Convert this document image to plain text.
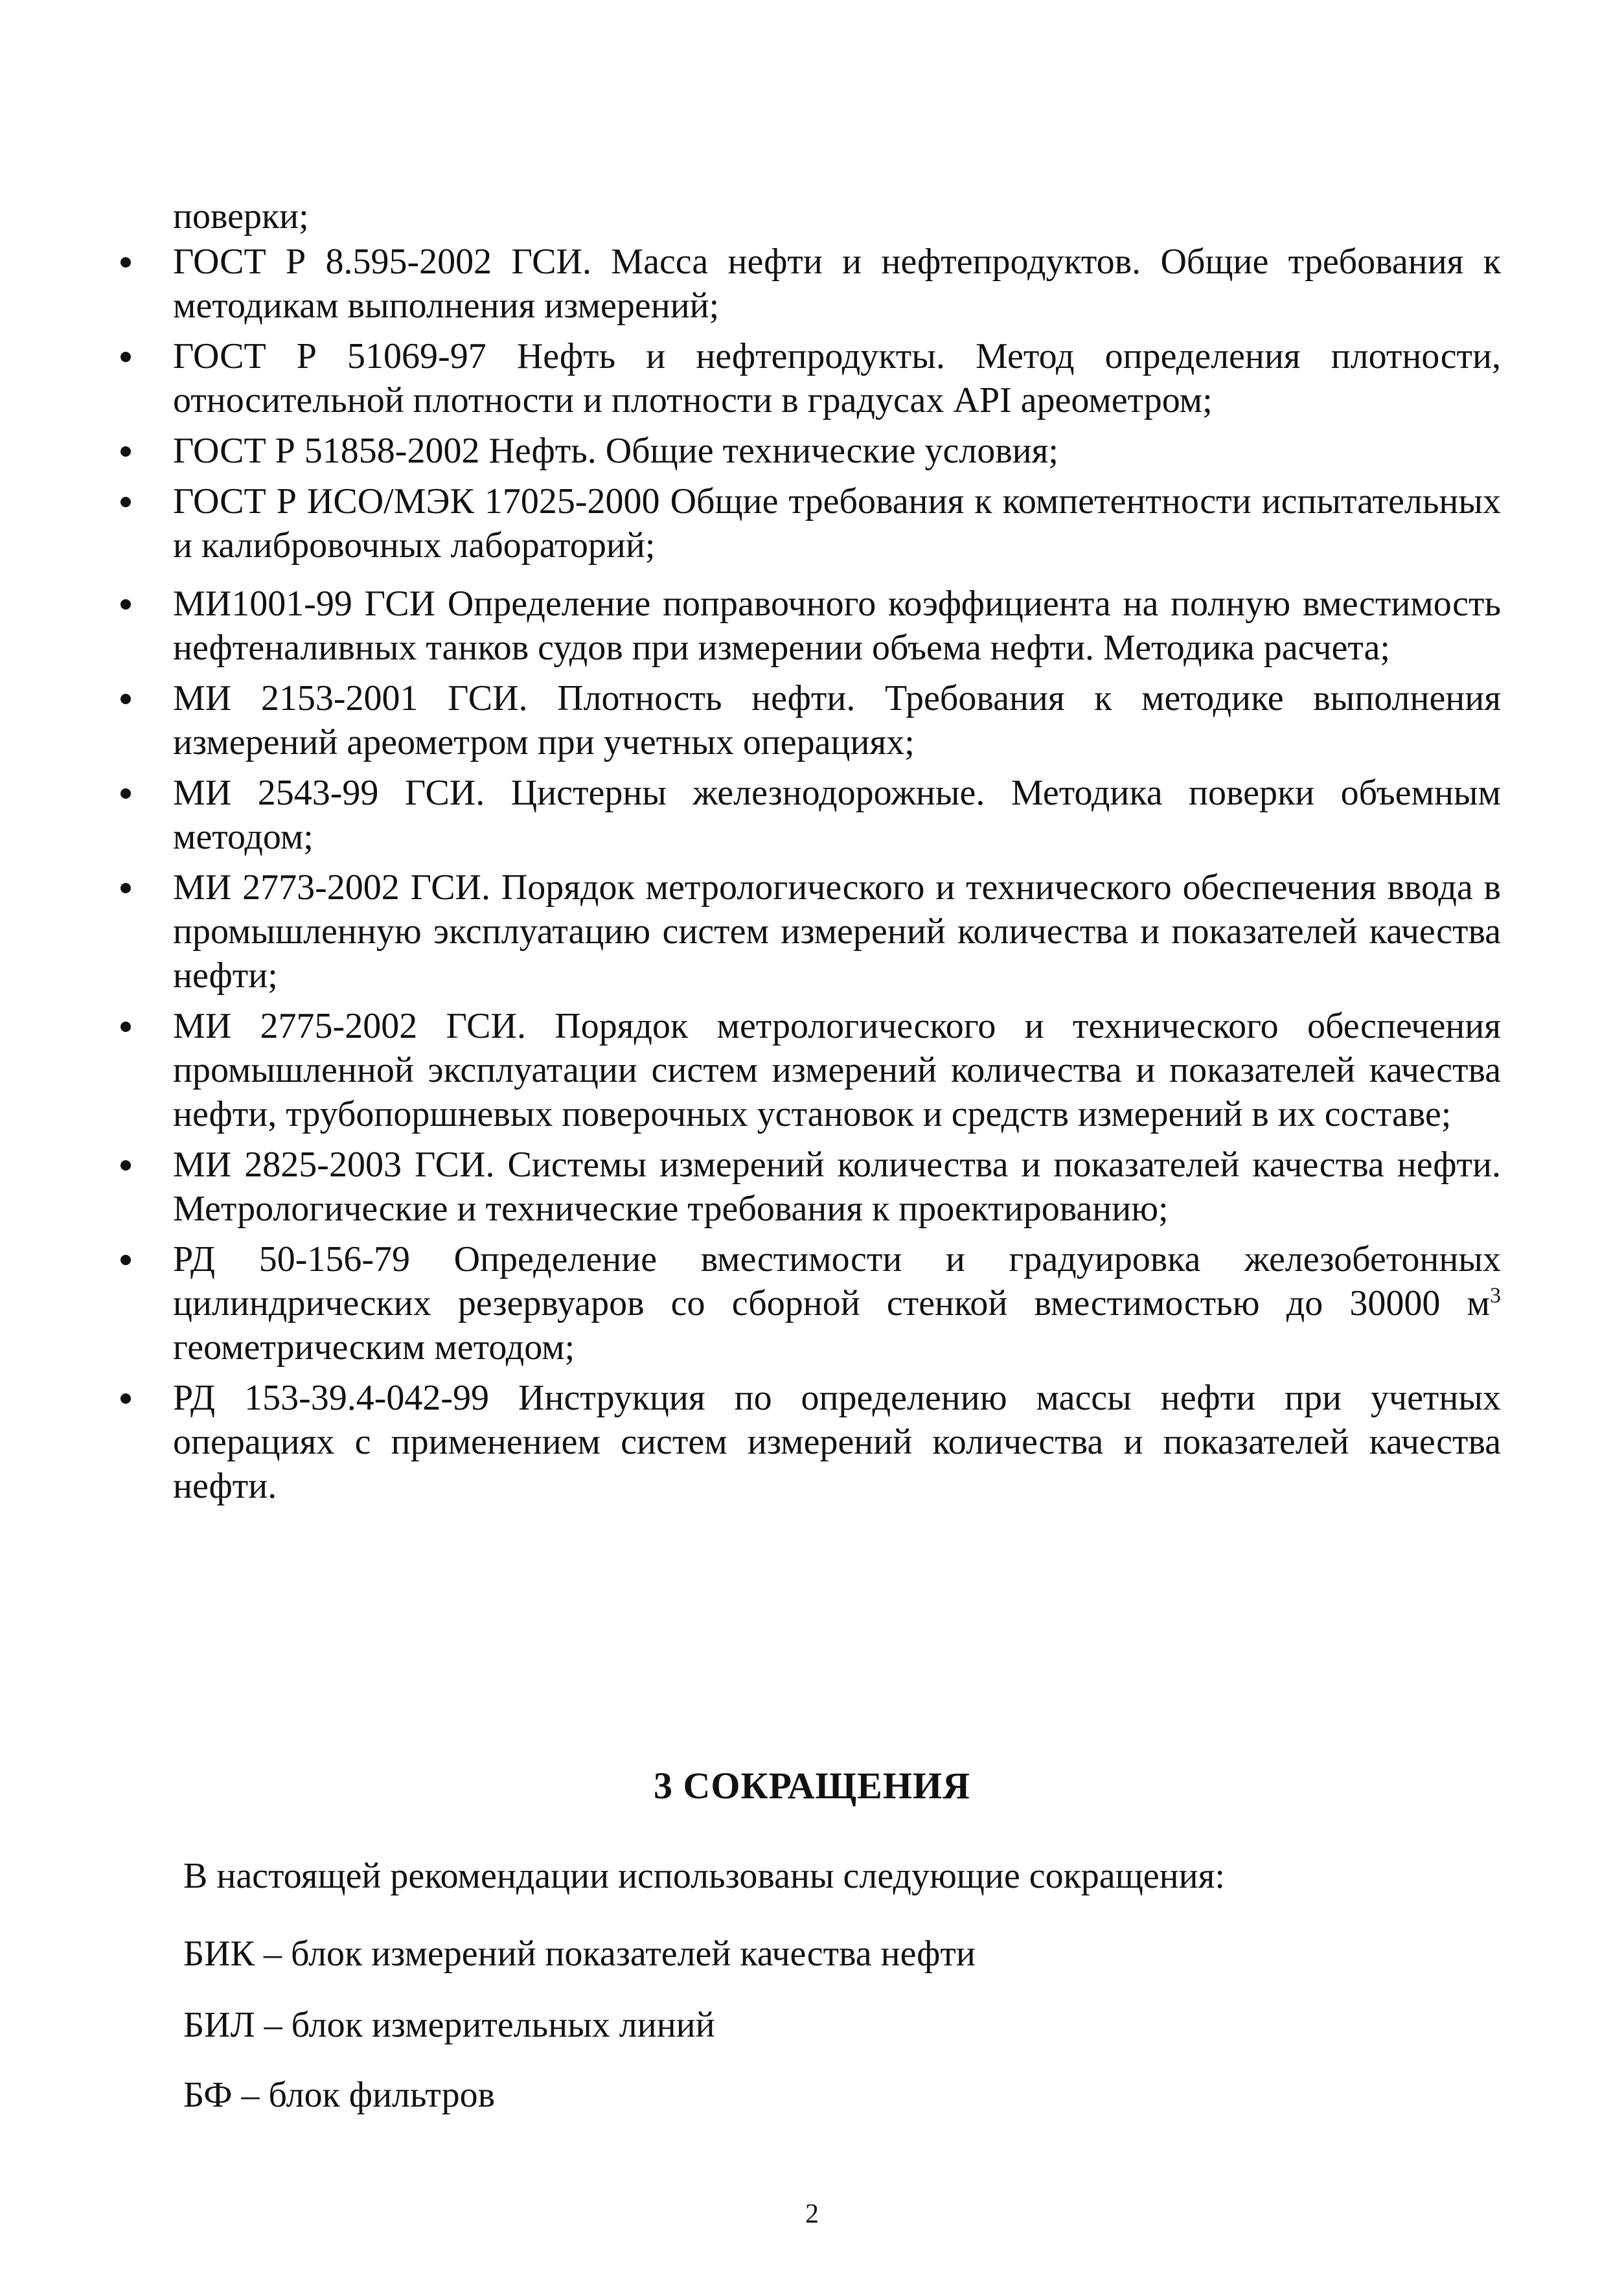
поверки;

ГОСТ Р 8.595-2002 ГСИ. Масса нефти и нефтепродуктов. Общие требования к методикам выполнения измерений;
ГОСТ Р 51069-97 Нефть и нефтепродукты. Метод определения плотности, относительной плотности и плотности в градусах API ареометром;
ГОСТ Р 51858-2002 Нефть. Общие технические условия;
ГОСТ Р ИСО/МЭК 17025-2000 Общие требования к компетентности испытательных и калибровочных лабораторий;
МИ1001-99 ГСИ Определение поправочного коэффициента на полную вместимость нефтеналивных танков судов при измерении объема нефти. Методика расчета;
МИ 2153-2001 ГСИ. Плотность нефти. Требования к методике выполнения измерений ареометром при учетных операциях;
МИ 2543-99 ГСИ. Цистерны железнодорожные. Методика поверки объемным методом;
МИ 2773-2002 ГСИ. Порядок метрологического и технического обеспечения ввода в промышленную эксплуатацию систем измерений количества и показателей качества нефти;
МИ 2775-2002 ГСИ. Порядок метрологического и технического обеспечения промышленной эксплуатации систем измерений количества и показателей качества нефти, трубопоршневых поверочных установок и средств измерений в их составе;
МИ 2825-2003 ГСИ. Системы измерений количества и показателей качества нефти. Метрологические и технические требования к проектированию;
РД 50-156-79 Определение вместимости и градуировка железобетонных цилиндрических резервуаров со сборной стенкой вместимостью до 30000 $м^3$ геометрическим методом;
РД 153-39.4-042-99 Инструкция по определению массы нефти при учетных операциях с применением систем измерений количества и показателей качества нефти.
3 СОКРАЩЕНИЯ

В настоящей рекомендации использованы следующие сокращения:

БИК – блок измерений показателей качества нефти

БИЛ – блок измерительных линий

БФ – блок фильтров

2
